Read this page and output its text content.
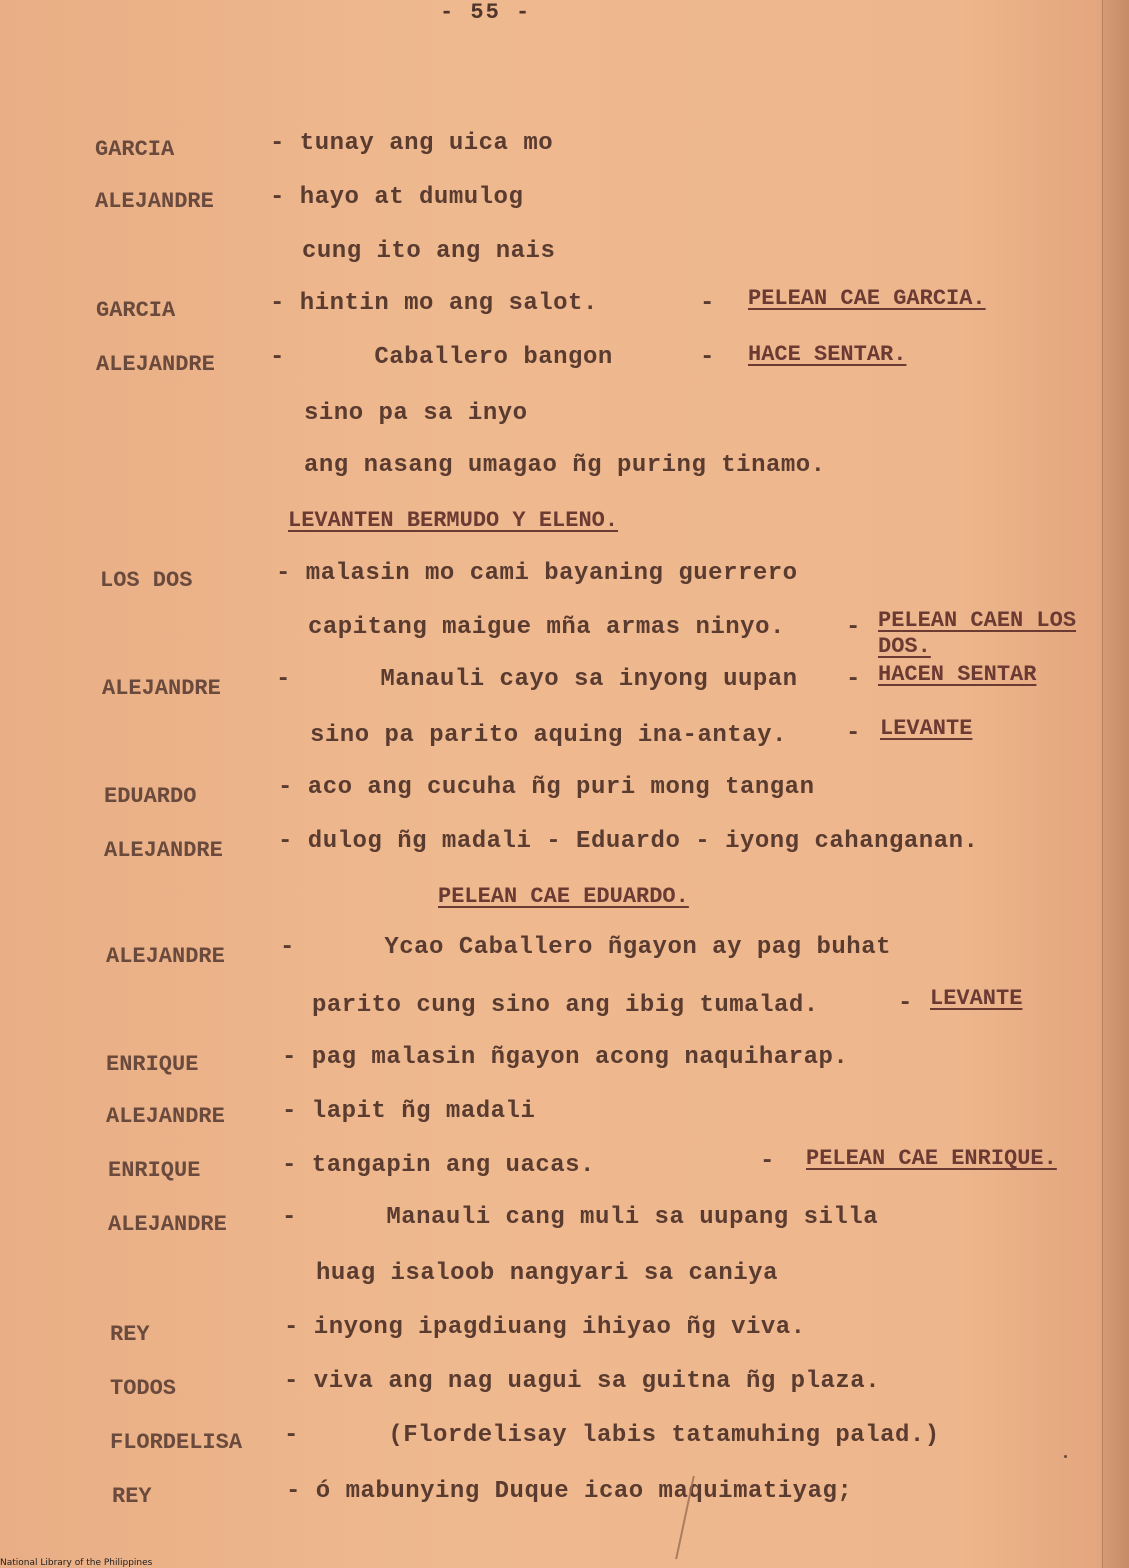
- 55 -
GARCIA	- tunay ang uica mo
ALEJANDRE - hayo at dumulog
cung ito ang nais
GARCIA	- hintin mo ang salot.	- PELEAN CAE GARCIA.
ALEJANDRE -      Caballero bangon	- HACE SENTAR.
sino pa sa inyo
ang nasang umagao ñg puring tinamo.
LEVANTEN BERMUDO Y ELENO.
LOS DOS	- malasin mo cami bayaning guerrero
capitang maigue mña armas ninyo.	- PELEAN CAEN LOS DOS.
ALEJANDRE -      Manauli cayo sa inyong uupan - HACEN SENTAR
sino pa parito aquing ina-antay. - LEVANTE
EDUARDO	- aco ang cucuha ñg puri mong tangan
ALEJANDRE - dulog ñg madali - Eduardo - iyong cahanganan.
PELEAN CAE EDUARDO.
ALEJANDRE -      Ycao Caballero ñgayon ay pag buhat
parito cung sino ang ibig tumalad.	- LEVANTE
ENRIQUE	- pag malasin ñgayon acong naquiharap.
ALEJANDRE - lapit ñg madali
ENRIQUE	- tangapin ang uacas.	- PELEAN CAE ENRIQUE.
ALEJANDRE -      Manauli cang muli sa uupang silla
huag isaloob nangyari sa caniya
REY	- inyong ipagdiuang ihiyao ñg viva.
TODOS	- viva ang nag uagui sa guitna ñg plaza.
FLORDELISA -      (Flordelisay labis tatamuhing palad.)
REY	- ó mabunying Duque icao maquimatiyag;
National Library of the Philippines
